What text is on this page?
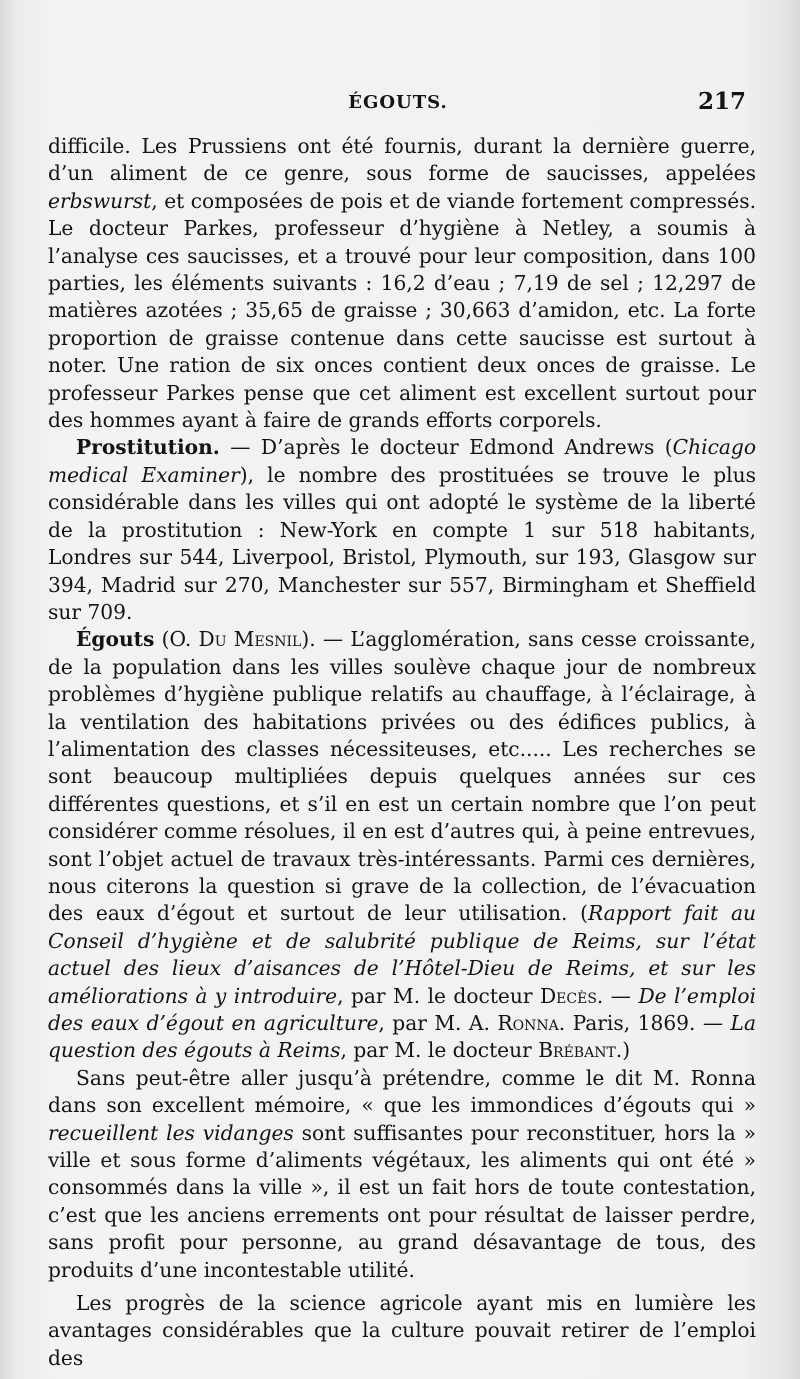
ÉGOUTS.	217

difficile. Les Prussiens ont été fournis, durant la dernière guerre, d’un aliment de ce genre, sous forme de saucisses, appelées erbswurst, et composées de pois et de viande fortement compressés. Le docteur Parkes, professeur d’hygiène à Netley, a soumis à l’analyse ces saucisses, et a trouvé pour leur composition, dans 100 parties, les éléments suivants : 16,2 d’eau ; 7,19 de sel ; 12,297 de matières azotées ; 35,65 de graisse ; 30,663 d’amidon, etc. La forte proportion de graisse contenue dans cette saucisse est surtout à noter. Une ration de six onces contient deux onces de graisse. Le professeur Parkes pense que cet aliment est excellent surtout pour des hommes ayant à faire de grands efforts corporels.

Prostitution. — D’après le docteur Edmond Andrews (Chicago medical Examiner), le nombre des prostituées se trouve le plus considérable dans les villes qui ont adopté le système de la liberté de la prostitution : New-York en compte 1 sur 518 habitants, Londres sur 544, Liverpool, Bristol, Plymouth, sur 193, Glasgow sur 394, Madrid sur 270, Manchester sur 557, Birmingham et Sheffield sur 709.

Égouts (O. Du Mesnil). — L’agglomération, sans cesse croissante, de la population dans les villes soulève chaque jour de nombreux problèmes d’hygiène publique relatifs au chauffage, à l’éclairage, à la ventilation des habitations privées ou des édifices publics, à l’alimentation des classes nécessiteuses, etc..... Les recherches se sont beaucoup multipliées depuis quelques années sur ces différentes questions, et s’il en est un certain nombre que l’on peut considérer comme résolues, il en est d’autres qui, à peine entrevues, sont l’objet actuel de travaux très-intéressants. Parmi ces dernières, nous citerons la question si grave de la collection, de l’évacuation des eaux d’égout et surtout de leur utilisation. (Rapport fait au Conseil d’hygiène et de salubrité publique de Reims, sur l’état actuel des lieux d’aisances de l’Hôtel-Dieu de Reims, et sur les améliorations à y introduire, par M. le docteur Decès. — De l’emploi des eaux d’égout en agriculture, par M. A. Ronna. Paris, 1869. — La question des égouts à Reims, par M. le docteur Brébant.)

Sans peut-être aller jusqu’à prétendre, comme le dit M. Ronna dans son excellent mémoire, « que les immondices d’égouts qui » recueillent les vidanges sont suffisantes pour reconstituer, hors la » ville et sous forme d’aliments végétaux, les aliments qui ont été » consommés dans la ville », il est un fait hors de toute contestation, c’est que les anciens errements ont pour résultat de laisser perdre, sans profit pour personne, au grand désavantage de tous, des produits d’une incontestable utilité.

Les progrès de la science agricole ayant mis en lumière les avantages considérables que la culture pouvait retirer de l’emploi des
